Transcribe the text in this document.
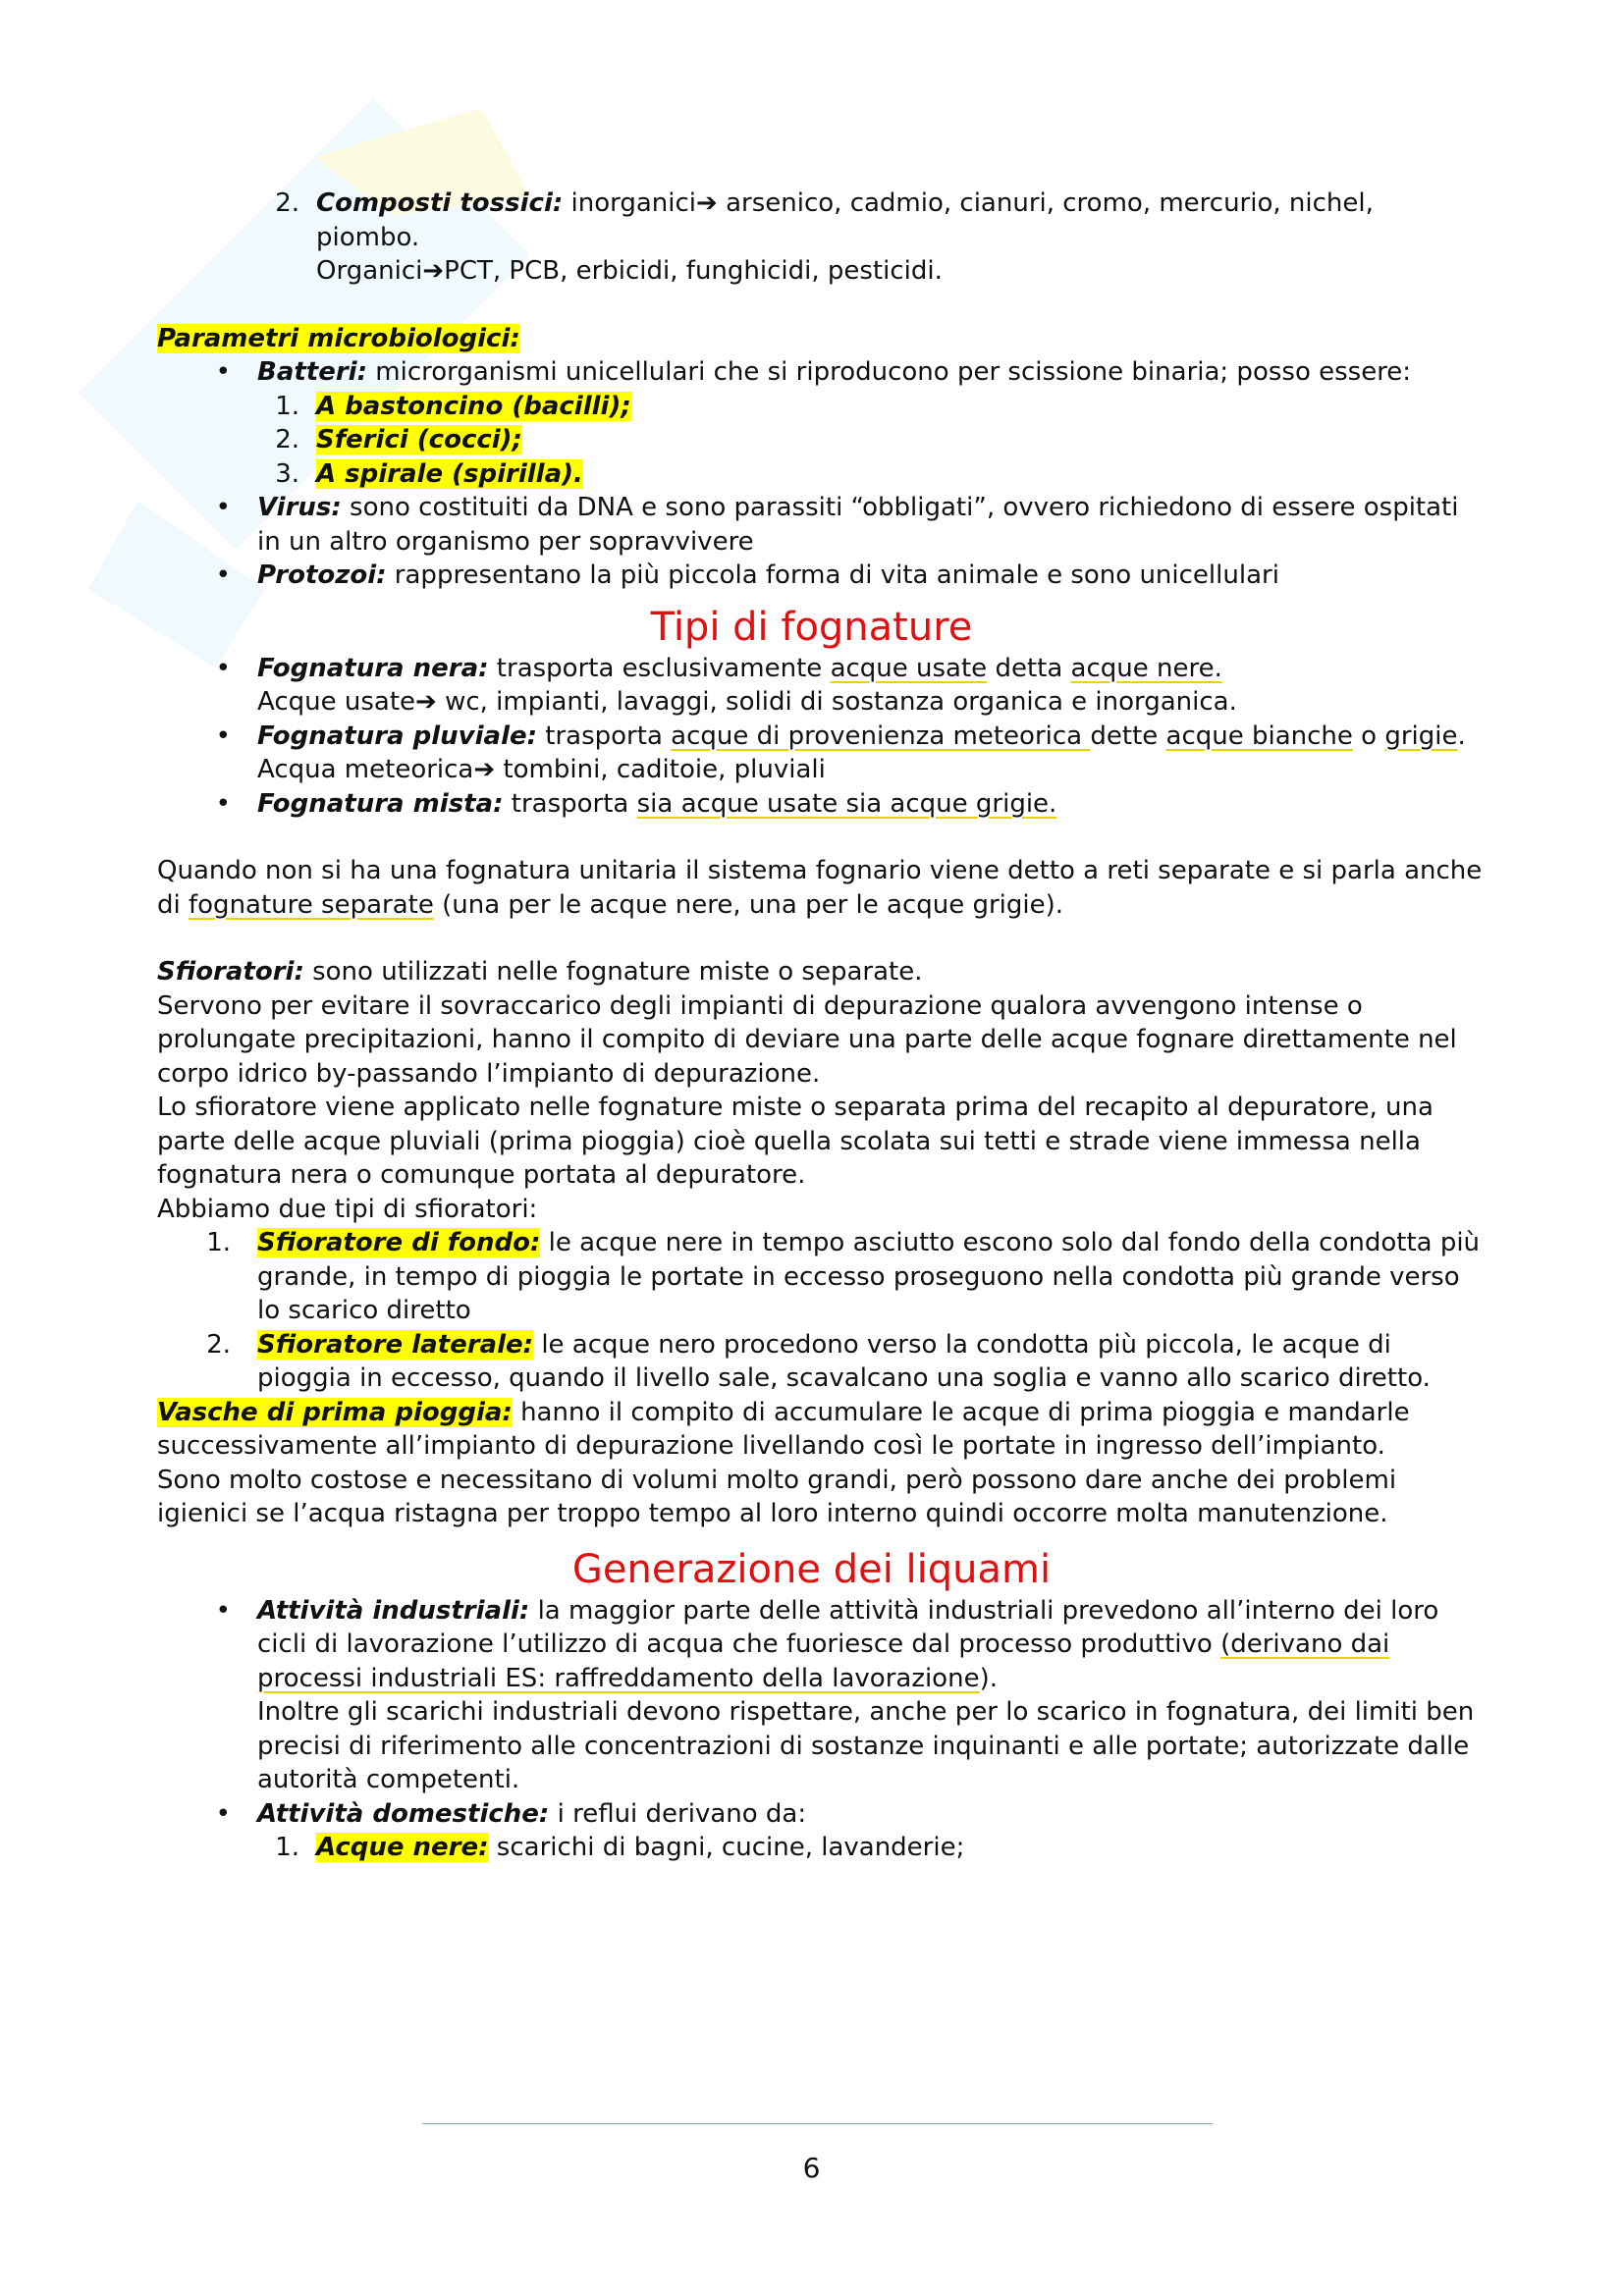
2. Composti tossici: inorganici➔ arsenico, cadmio, cianuri, cromo, mercurio, nichel, piombo.
Organici➔PCT, PCB, erbicidi, funghicidi, pesticidi.

Parametri microbiologici:

•	Batteri: microrganismi unicellulari che si riproducono per scissione binaria; posso essere:
1. A bastoncino (bacilli);
2. Sferici (cocci);
3. A spirale (spirilla).
•	Virus: sono costituiti da DNA e sono parassiti “obbligati”, ovvero richiedono di essere ospitati in un altro organismo per sopravvivere
•	Protozoi: rappresentano la più piccola forma di vita animale e sono unicellulari
Tipi di fognature
•	Fognatura nera: trasporta esclusivamente acque usate detta acque nere.
Acque usate➔ wc, impianti, lavaggi, solidi di sostanza organica e inorganica.
•	Fognatura pluviale: trasporta acque di provenienza meteorica dette acque bianche o grigie.
Acqua meteorica➔ tombini, caditoie, pluviali
•	Fognatura mista: trasporta sia acque usate sia acque grigie.

Quando non si ha una fognatura unitaria il sistema fognario viene detto a reti separate e si parla anche di fognature separate (una per le acque nere, una per le acque grigie).

Sfioratori: sono utilizzati nelle fognature miste o separate.

Servono per evitare il sovraccarico degli impianti di depurazione qualora avvengono intense o prolungate precipitazioni, hanno il compito di deviare una parte delle acque fognare direttamente nel corpo idrico by-passando l’impianto di depurazione.

Lo sfioratore viene applicato nelle fognature miste o separata prima del recapito al depuratore, una parte delle acque pluviali (prima pioggia) cioè quella scolata sui tetti e strade viene immessa nella fognatura nera o comunque portata al depuratore.

Abbiamo due tipi di sfioratori:

1.	Sfioratore di fondo: le acque nere in tempo asciutto escono solo dal fondo della condotta più grande, in tempo di pioggia le portate in eccesso proseguono nella condotta più grande verso lo scarico diretto
2.	Sfioratore laterale: le acque nero procedono verso la condotta più piccola, le acque di pioggia in eccesso, quando il livello sale, scavalcano una soglia e vanno allo scarico diretto.

Vasche di prima pioggia: hanno il compito di accumulare le acque di prima pioggia e mandarle successivamente all’impianto di depurazione livellando così le portate in ingresso dell’impianto.

Sono molto costose e necessitano di volumi molto grandi, però possono dare anche dei problemi igienici se l’acqua ristagna per troppo tempo al loro interno quindi occorre molta manutenzione.

Generazione dei liquami
•	Attività industriali: la maggior parte delle attività industriali prevedono all’interno dei loro cicli di lavorazione l’utilizzo di acqua che fuoriesce dal processo produttivo (derivano dai processi industriali ES: raffreddamento della lavorazione).
Inoltre gli scarichi industriali devono rispettare, anche per lo scarico in fognatura, dei limiti ben precisi di riferimento alle concentrazioni di sostanze inquinanti e alle portate; autorizzate dalle autorità competenti.
•	Attività domestiche: i reflui derivano da:
1. Acque nere: scarichi di bagni, cucine, lavanderie;
6
